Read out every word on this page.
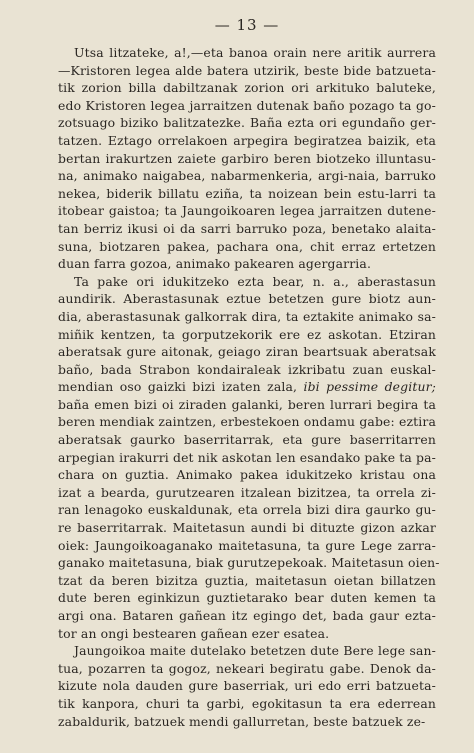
— 13 —
Utsa litzateke, a!,—eta banoa orain nere aritik aurrera
—Kristoren legea alde batera utzirik, beste bide batzueta-
tik zorion billa dabiltzanak zorion ori arkituko baluteke,
edo Kristoren legea jarraitzen dutenak baño pozago ta go-
zotsuago biziko balitzatezke. Baña ezta ori egundaño ger-
tatzen. Eztago orrelakoen arpegira begiratzea baizik, eta
bertan irakurtzen zaiete garbiro beren biotzeko illuntasu-
na, animako naigabea, nabarmenkeria, argi-naia, barruko
nekea, biderik billatu eziña, ta noizean bein estu-larri ta
itobear gaistoa; ta Jaungoikoaren legea jarraitzen dutene-
tan berriz ikusi oi da sarri barruko poza, benetako alaita-
suna, biotzaren pakea, pachara ona, chit erraz ertetzen
duan farra gozoa, animako pakearen agergarria.
Ta pake ori idukitzeko ezta bear, n. a., aberastasun
aundirik. Aberastasunak eztue betetzen gure biotz aun-
dia, aberastasunak galkorrak dira, ta eztakite animako sa-
miñik kentzen, ta gorputzekorik ere ez askotan. Etziran
aberatsak gure aitonak, geiago ziran beartsuak aberatsak
baño, bada Strabon kondairaleak izkribatu zuan euskal-
mendian oso gaizki bizi izaten zala, ibi pessime degitur;
baña emen bizi oi ziraden galanki, beren lurrari begira ta
beren mendiak zaintzen, erbestekoen ondamu gabe: eztira
aberatsak gaurko baserritarrak, eta gure baserritarren
arpegian irakurri det nik askotan len esandako pake ta pa-
chara on guztia. Animako pakea idukitzeko kristau ona
izat a bearda, gurutzearen itzalean bizitzea, ta orrela zi-
ran lenagoko euskaldunak, eta orrela bizi dira gaurko gu-
re baserritarrak. Maitetasun aundi bi dituzte gizon azkar
oiek: Jaungoikoaganako maitetasuna, ta gure Lege zarra-
ganako maitetasuna, biak gurutzepekoak. Maitetasun oien-
tzat da beren bizitza guztia, maitetasun oietan billatzen
dute beren eginkizun guztietarako bear duten kemen ta
argi ona. Bataren gañean itz egingo det, bada gaur ezta-
tor an ongi bestearen gañean ezer esatea.
Jaungoikoa maite dutelako betetzen dute Bere lege san-
tua, pozarren ta gogoz, nekeari begiratu gabe. Denok da-
kizute nola dauden gure baserriak, uri edo erri batzueta-
tik kanpora, churi ta garbi, egokitasun ta era ederrean
zabaldurik, batzuek mendi gallurretan, beste batzuek ze-
